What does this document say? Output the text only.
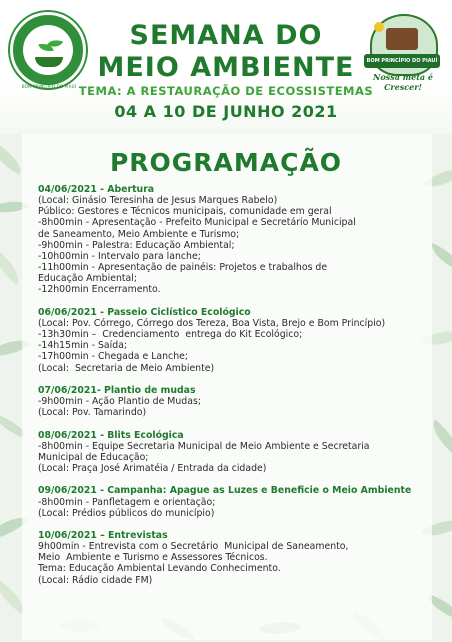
BOM PRINCÍPIO DO PIAUÍ
SEMANA DO
MEIO AMBIENTE
TEMA: A RESTAURAÇÃO DE ECOSSISTEMAS
04 A 10 DE JUNHO 2021
BOM PRINCÍPIO DO PIAUÍ
Nossa meta é Crescer!
PROGRAMAÇÃO
04/06/2021 - Abertura
(Local: Ginásio Teresinha de Jesus Marques Rabelo)
Público: Gestores e Técnicos municipais, comunidade em geral
-8h00min - Apresentação - Prefeito Municipal e Secretário Municipal
de Saneamento, Meio Ambiente e Turismo;
-9h00min - Palestra: Educação Ambiental;
-10h00min - Intervalo para lanche;
-11h00min - Apresentação de painéis: Projetos e trabalhos de
Educação Ambiental;
-12h00min Encerramento.
06/06/2021 - Passeio Ciclístico Ecológico
(Local: Pov. Córrego, Córrego dos Tereza, Boa Vista, Brejo e Bom Princípio)
-13h30min –  Credenciamento  entrega do Kit Ecológico;
-14h15min - Saída;
-17h00min - Chegada e Lanche;
(Local:  Secretaria de Meio Ambiente)
07/06/2021- Plantio de mudas
-9h00min - Ação Plantio de Mudas;
(Local: Pov. Tamarindo)
08/06/2021 - Blits Ecológica
-8h00min - Equipe Secretaria Municipal de Meio Ambiente e Secretaria
Municipal de Educação;
(Local: Praça José Arimatéia / Entrada da cidade)
09/06/2021 - Campanha: Apague as Luzes e Beneficie o Meio Ambiente
-8h00min - Panfletagem e orientação;
(Local: Prédios públicos do município)
10/06/2021 – Entrevistas
9h00min - Entrevista com o Secretário  Municipal de Saneamento,
Meio  Ambiente e Turismo e Assessores Técnicos.
Tema: Educação Ambiental Levando Conhecimento.
(Local: Rádio cidade FM)
